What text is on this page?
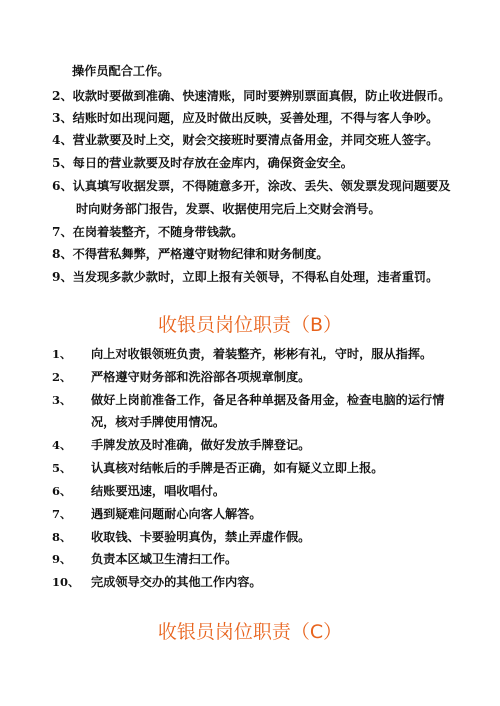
操作员配合工作。
2、收款时要做到准确、快速清账，同时要辨别票面真假，防止收进假币。
3、结账时如出现问题，应及时做出反映，妥善处理，不得与客人争吵。
4、营业款要及时上交，财会交接班时要清点备用金，并同交班人签字。
5、每日的营业款要及时存放在金库内，确保资金安全。
6、认真填写收据发票，不得随意多开，涂改、丢失、领发票发现问题要及
时向财务部门报告，发票、收据使用完后上交财会消号。
7、在岗着装整齐，不随身带钱款。
8、不得营私舞弊，严格遵守财物纪律和财务制度。
9、当发现多款少款时，立即上报有关领导，不得私自处理，违者重罚。
收银员岗位职责（B）
1、 向上对收银领班负责，着装整齐，彬彬有礼，守时，服从指挥。
2、 严格遵守财务部和洗浴部各项规章制度。
3、 做好上岗前准备工作，备足各种单据及备用金，检查电脑的运行情
况，核对手牌使用情况。
4、 手牌发放及时准确，做好发放手牌登记。
5、 认真核对结帐后的手牌是否正确，如有疑义立即上报。
6、 结账要迅速，唱收唱付。
7、 遇到疑难问题耐心向客人解答。
8、 收取钱、卡要验明真伪，禁止弄虚作假。
9、 负责本区域卫生清扫工作。
10、 完成领导交办的其他工作内容。
收银员岗位职责（C）
